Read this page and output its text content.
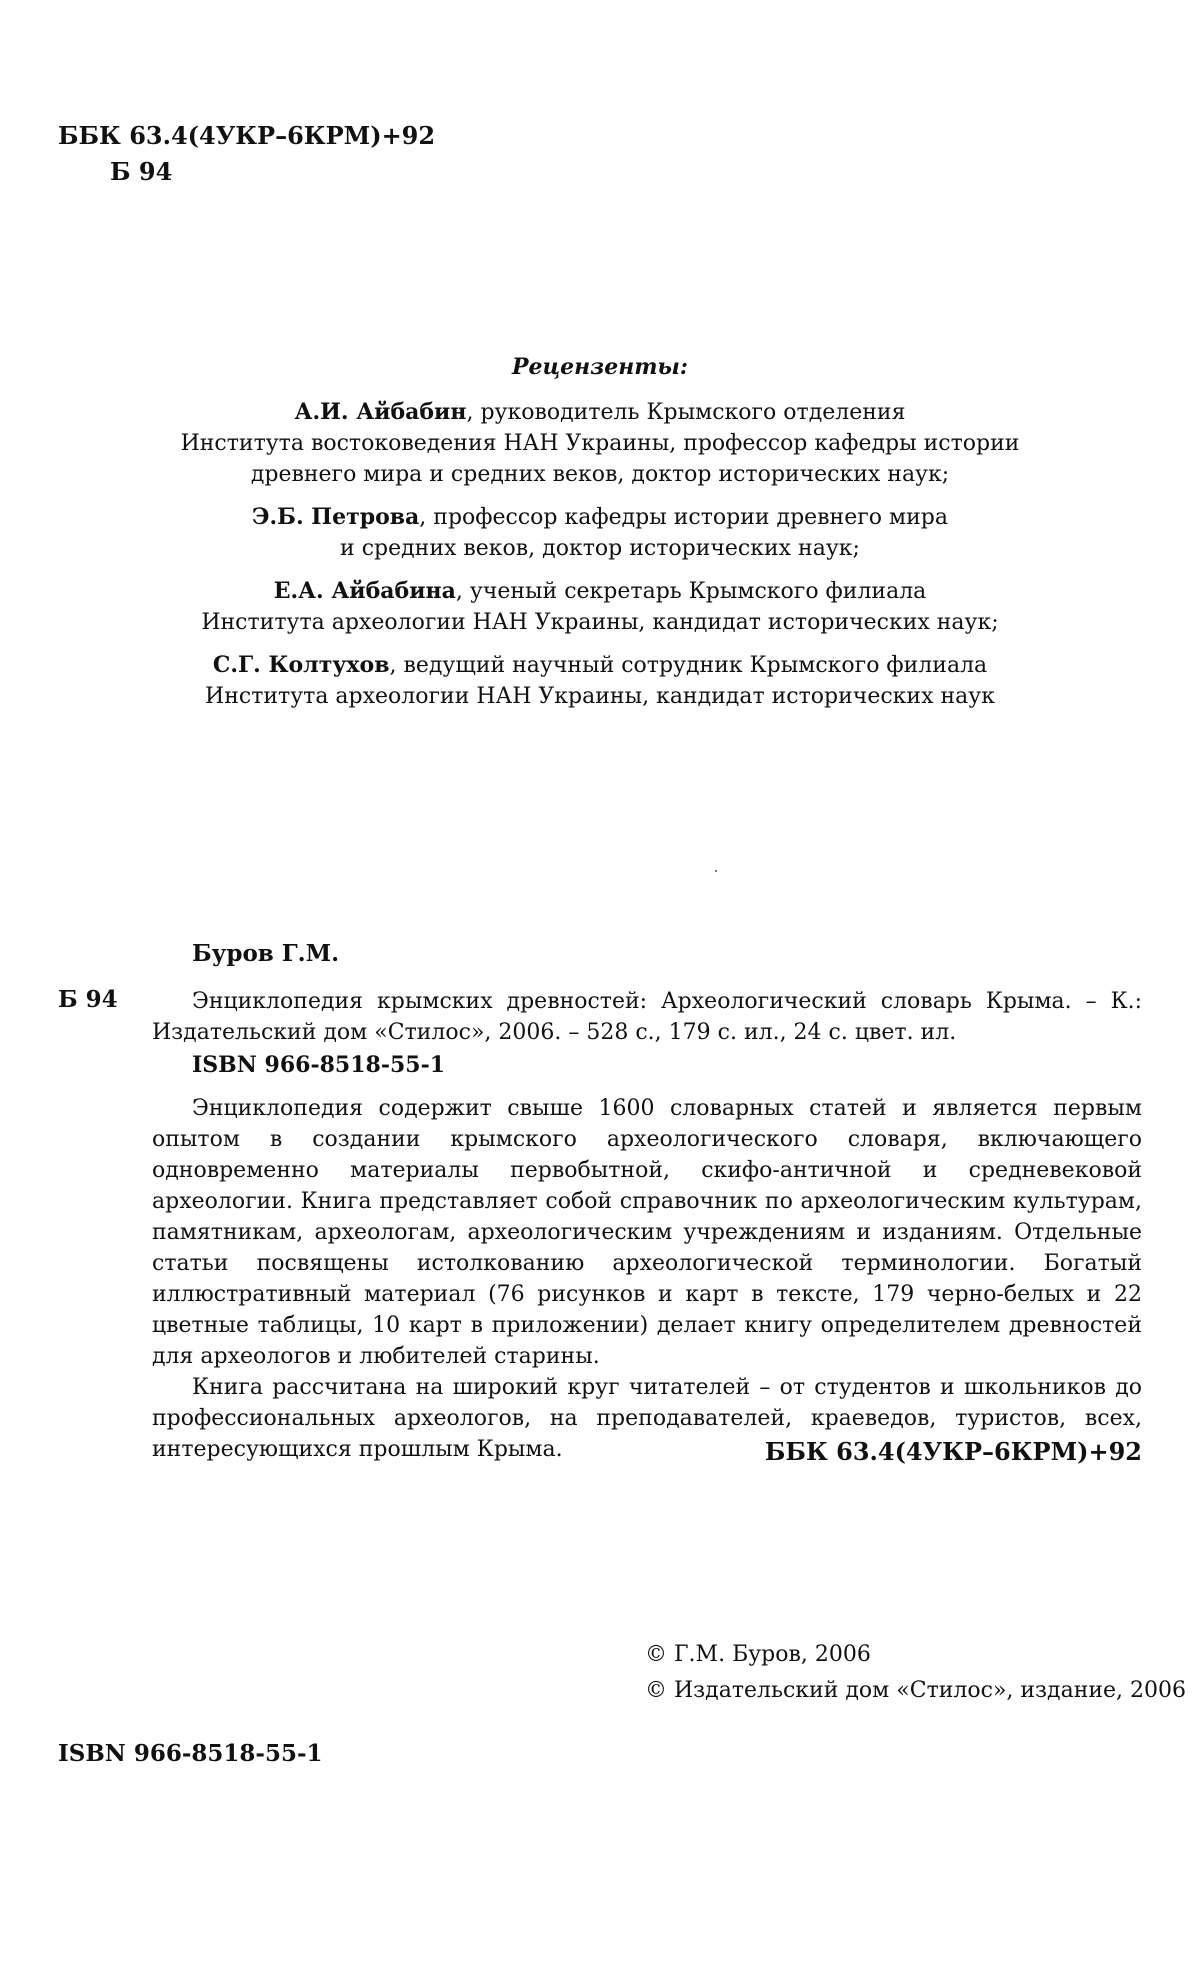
ББК 63.4(4УКР–6КРМ)+92
Б 94
Рецензенты:
А.И. Айбабин, руководитель Крымского отделения
Института востоковедения НАН Украины, профессор кафедры истории
древнего мира и средних веков, доктор исторических наук;
Э.Б. Петрова, профессор кафедры истории древнего мира
и средних веков, доктор исторических наук;
Е.А. Айбабина, ученый секретарь Крымского филиала
Института археологии НАН Украины, кандидат исторических наук;
С.Г. Колтухов, ведущий научный сотрудник Крымского филиала
Института археологии НАН Украины, кандидат исторических наук
Буров Г.М.
Б 94	Энциклопедия крымских древностей: Археологический словарь Крыма. – К.: Издательский дом «Стилос», 2006. – 528 с., 179 с. ил., 24 с. цвет. ил.
ISBN 966-8518-55-1

Энциклопедия содержит свыше 1600 словарных статей и является первым опытом в создании крымского археологического словаря, включающего одновременно материалы первобытной, скифо-античной и средневековой археологии. Книга представляет собой справочник по археологическим культурам, памятникам, археологам, археологическим учреждениям и изданиям. Отдельные статьи посвящены истолкованию археологической терминологии. Богатый иллюстративный материал (76 рисунков и карт в тексте, 179 черно-белых и 22 цветные таблицы, 10 карт в приложении) делает книгу определителем древностей для археологов и любителей старины.

Книга рассчитана на широкий круг читателей – от студентов и школьников до профессиональных археологов, на преподавателей, краеведов, туристов, всех, интересующихся прошлым Крыма.	ББК 63.4(4УКР–6КРМ)+92
© Г.М. Буров, 2006
© Издательский дом «Стилос», издание, 2006
ISBN 966-8518-55-1
